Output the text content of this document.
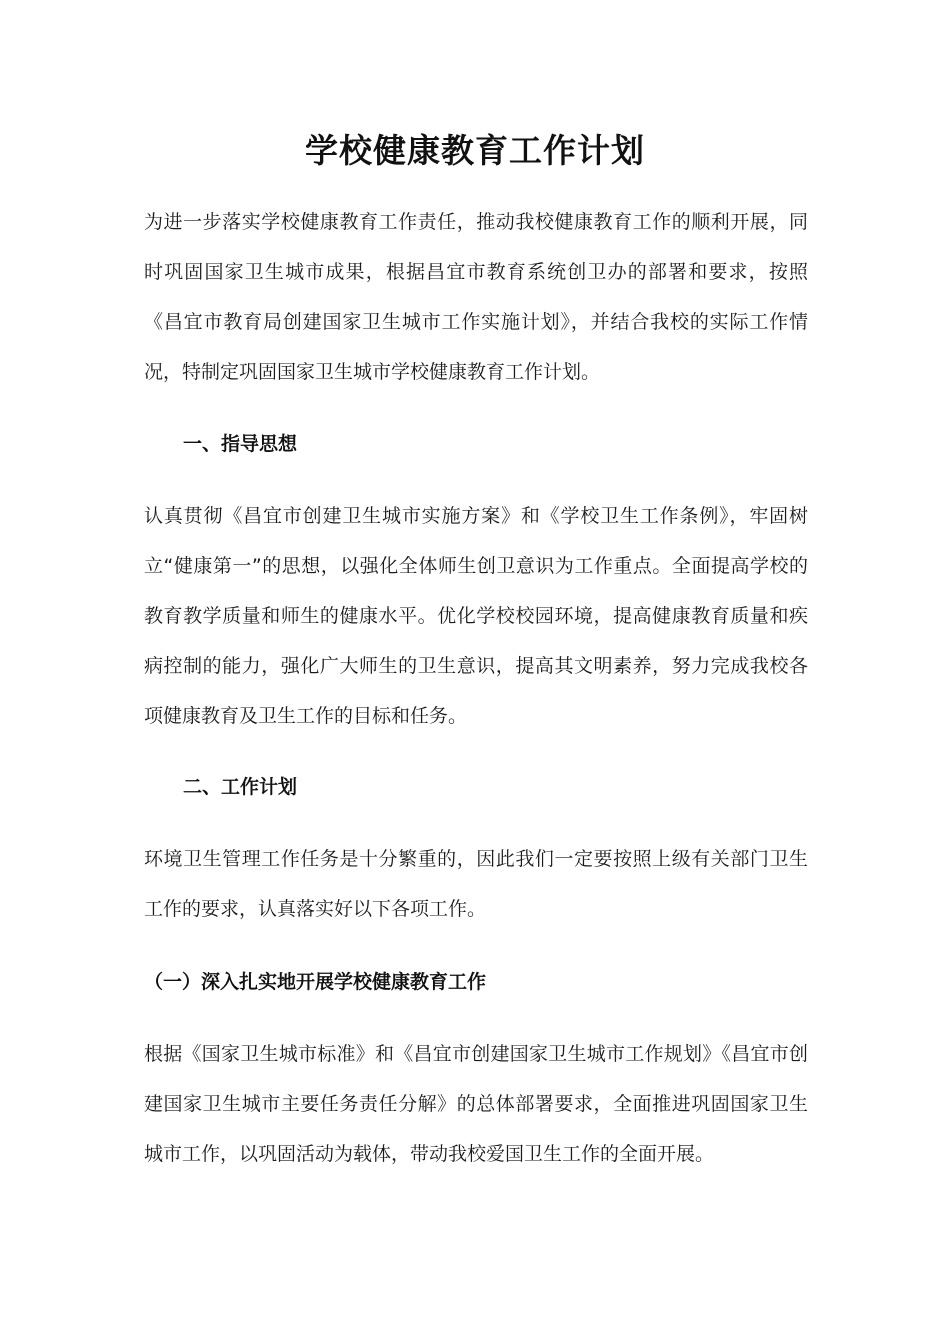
学校健康教育工作计划

为进一步落实学校健康教育工作责任，推动我校健康教育工作的顺利开展，同时巩固国家卫生城市成果，根据昌宜市教育系统创卫办的部署和要求，按照《昌宜市教育局创建国家卫生城市工作实施计划》，并结合我校的实际工作情况，特制定巩固国家卫生城市学校健康教育工作计划。

一、指导思想

认真贯彻《昌宜市创建卫生城市实施方案》和《学校卫生工作条例》，牢固树立“健康第一”的思想，以强化全体师生创卫意识为工作重点。全面提高学校的教育教学质量和师生的健康水平。优化学校校园环境，提高健康教育质量和疾病控制的能力，强化广大师生的卫生意识，提高其文明素养，努力完成我校各项健康教育及卫生工作的目标和任务。

二、工作计划

环境卫生管理工作任务是十分繁重的，因此我们一定要按照上级有关部门卫生工作的要求，认真落实好以下各项工作。

（一）深入扎实地开展学校健康教育工作

根据《国家卫生城市标准》和《昌宜市创建国家卫生城市工作规划》《昌宜市创建国家卫生城市主要任务责任分解》的总体部署要求，全面推进巩固国家卫生城市工作，以巩固活动为载体，带动我校爱国卫生工作的全面开展。
